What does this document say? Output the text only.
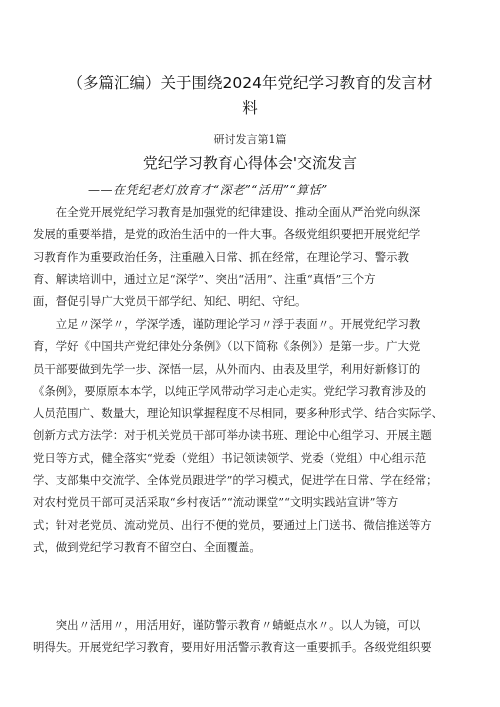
（多篇汇编）关于围绕2024年党纪学习教育的发言材
料
研讨发言第1篇
党纪学习教育心得体会'交流发言
——在凭纪老灯放育才“深老”“活用”“算恬”

　　在全党开展党纪学习教育是加强党的纪律建设、推动全面从严治党向纵深
发展的重要举措，是党的政治生活中的一件大事。各级党组织要把开展党纪学
习教育作为重要政治任务，注重融入日常、抓在经常，在理论学习、警示教
育、解读培训中，通过立足“深学”、突出“活用”、注重“真悟”三个方
面，督促引导广大党员干部学纪、知纪、明纪、守纪。

　　立足〃深学〃，学深学透，谨防理论学习〃浮于表面〃。开展党纪学习教
育，学好《中国共产党纪律处分条例》（以下简称《条例》）是第一步。广大党
员干部要做到先学一步、深悟一层，从外而内、由表及里学，利用好新修订的
《条例》，要原原本本学，以纯正学风带动学习走心走实。党纪学习教育涉及的
人员范围广、数量大，理论知识掌握程度不尽相同，要多种形式学、结合实际学、
创新方式方法学：对于机关党员干部可举办读书班、理论中心组学习、开展主题
党日等方式，健全落实“党委（党组）书记领读领学、党委（党组）中心组示范
学、支部集中交流学、全体党员跟进学”的学习模式，促进学在日常、学在经常；
对农村党员干部可灵活采取“乡村夜话”“流动课堂”“文明实践站宣讲”等方
式；针对老党员、流动党员、出行不便的党员，要通过上门送书、微信推送等方
式，做到党纪学习教育不留空白、全面覆盖。

　　突出〃活用〃，用活用好，谨防警示教育〃蜻蜓点水〃。以人为镜，可以
明得失。开展党纪学习教育，要用好用活警示教育这一重要抓手。各级党组织要
